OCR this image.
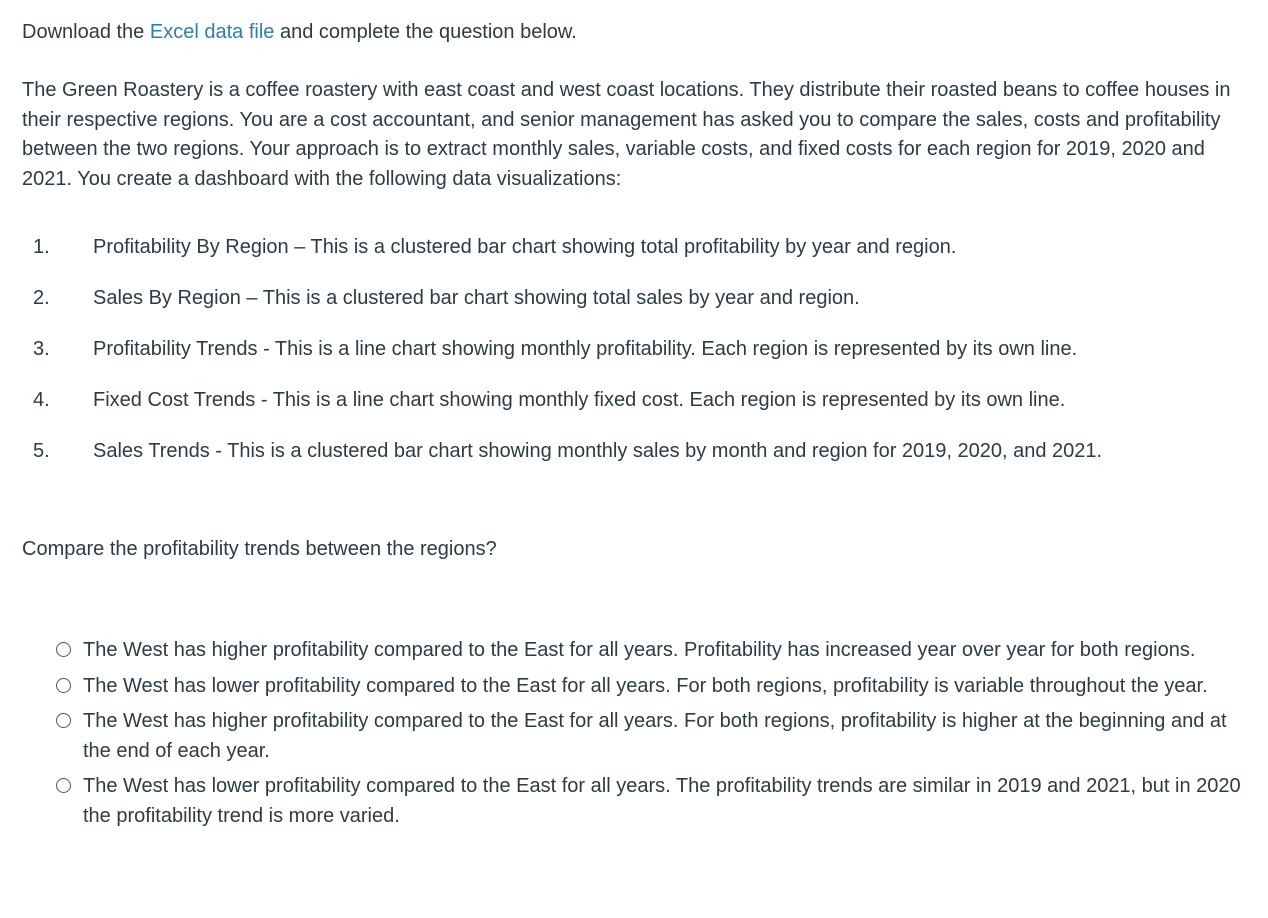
Download the Excel data file and complete the question below.
The Green Roastery is a coffee roastery with east coast and west coast locations. They distribute their roasted beans to coffee houses in their respective regions. You are a cost accountant, and senior management has asked you to compare the sales, costs and profitability between the two regions. Your approach is to extract monthly sales, variable costs, and fixed costs for each region for 2019, 2020 and 2021. You create a dashboard with the following data visualizations:
1. Profitability By Region – This is a clustered bar chart showing total profitability by year and region.
2. Sales By Region – This is a clustered bar chart showing total sales by year and region.
3. Profitability Trends - This is a line chart showing monthly profitability. Each region is represented by its own line.
4. Fixed Cost Trends - This is a line chart showing monthly fixed cost. Each region is represented by its own line.
5. Sales Trends - This is a clustered bar chart showing monthly sales by month and region for 2019, 2020, and 2021.
Compare the profitability trends between the regions?
The West has higher profitability compared to the East for all years. Profitability has increased year over year for both regions.
The West has lower profitability compared to the East for all years. For both regions, profitability is variable throughout the year.
The West has higher profitability compared to the East for all years. For both regions, profitability is higher at the beginning and at the end of each year.
The West has lower profitability compared to the East for all years. The profitability trends are similar in 2019 and 2021, but in 2020 the profitability trend is more varied.
